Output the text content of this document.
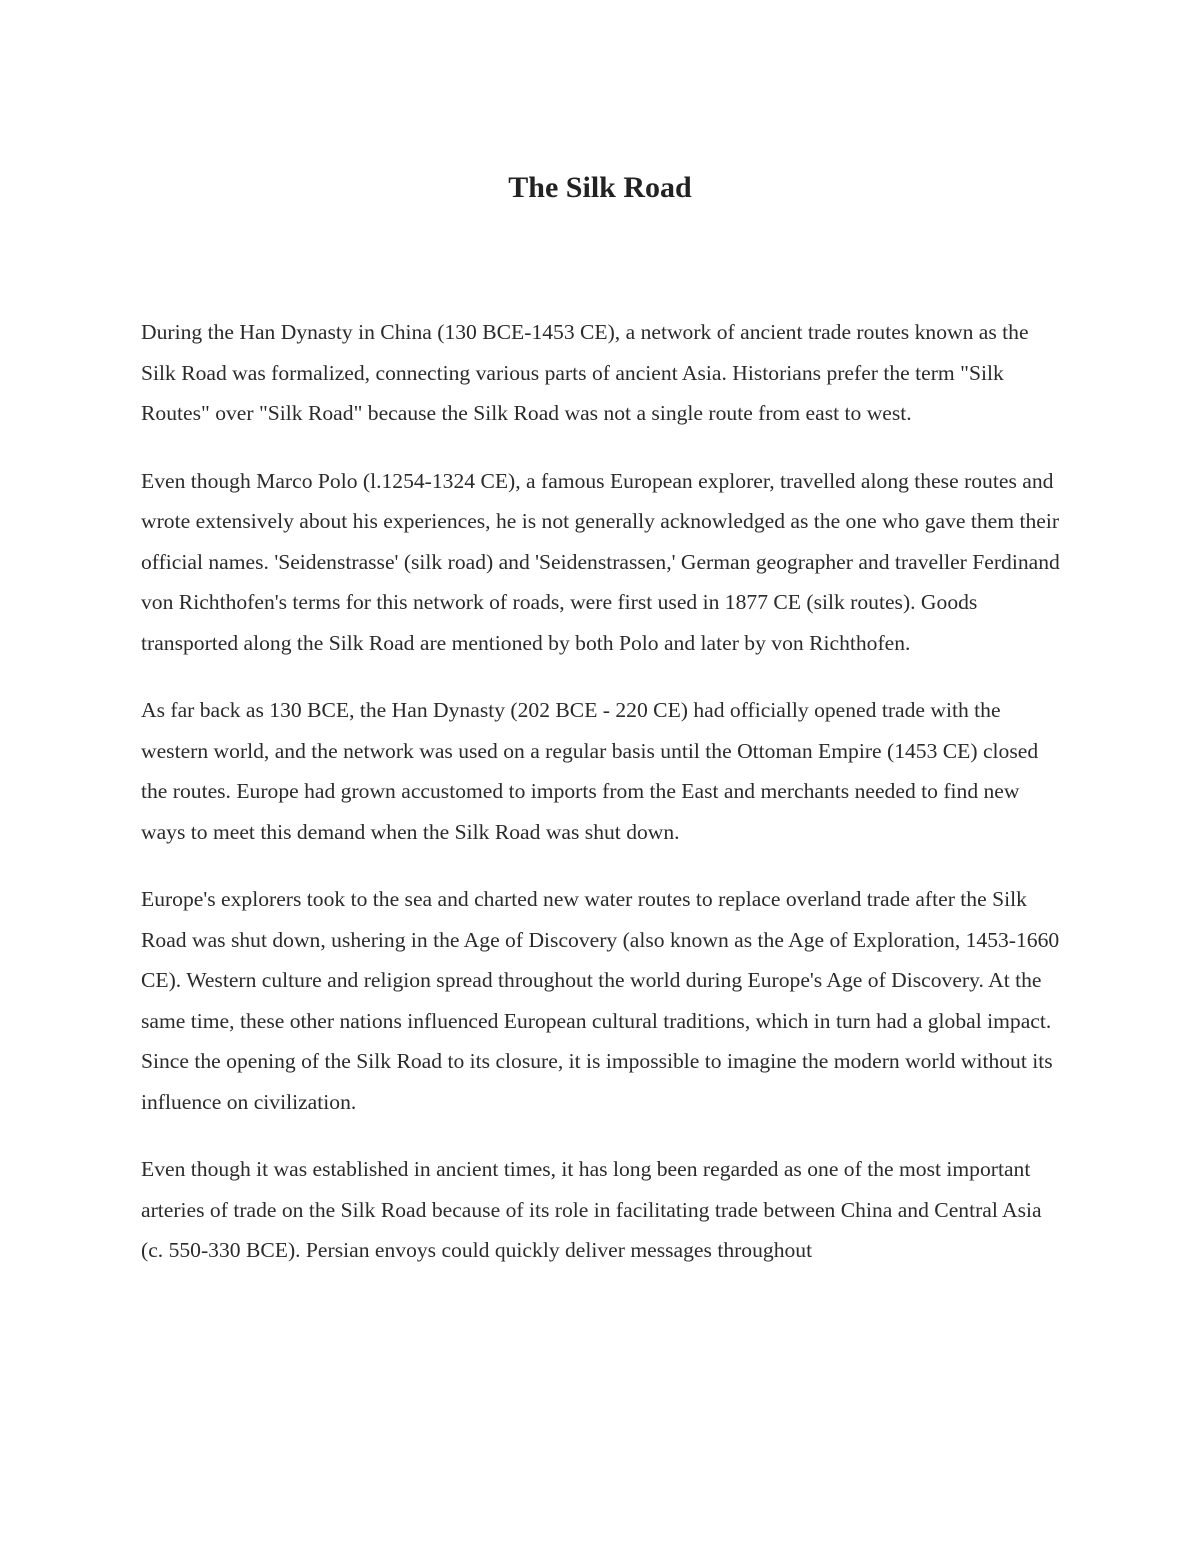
The Silk Road

During the Han Dynasty in China (130 BCE-1453 CE), a network of ancient trade routes known as the Silk Road was formalized, connecting various parts of ancient Asia. Historians prefer the term "Silk Routes" over "Silk Road" because the Silk Road was not a single route from east to west.

Even though Marco Polo (l.1254-1324 CE), a famous European explorer, travelled along these routes and wrote extensively about his experiences, he is not generally acknowledged as the one who gave them their official names. 'Seidenstrasse' (silk road) and 'Seidenstrassen,' German geographer and traveller Ferdinand von Richthofen's terms for this network of roads, were first used in 1877 CE (silk routes). Goods transported along the Silk Road are mentioned by both Polo and later by von Richthofen.

As far back as 130 BCE, the Han Dynasty (202 BCE - 220 CE) had officially opened trade with the western world, and the network was used on a regular basis until the Ottoman Empire (1453 CE) closed the routes. Europe had grown accustomed to imports from the East and merchants needed to find new ways to meet this demand when the Silk Road was shut down.

Europe's explorers took to the sea and charted new water routes to replace overland trade after the Silk Road was shut down, ushering in the Age of Discovery (also known as the Age of Exploration, 1453-1660 CE). Western culture and religion spread throughout the world during Europe's Age of Discovery. At the same time, these other nations influenced European cultural traditions, which in turn had a global impact. Since the opening of the Silk Road to its closure, it is impossible to imagine the modern world without its influence on civilization.

Even though it was established in ancient times, it has long been regarded as one of the most important arteries of trade on the Silk Road because of its role in facilitating trade between China and Central Asia (c. 550-330 BCE). Persian envoys could quickly deliver messages throughout
